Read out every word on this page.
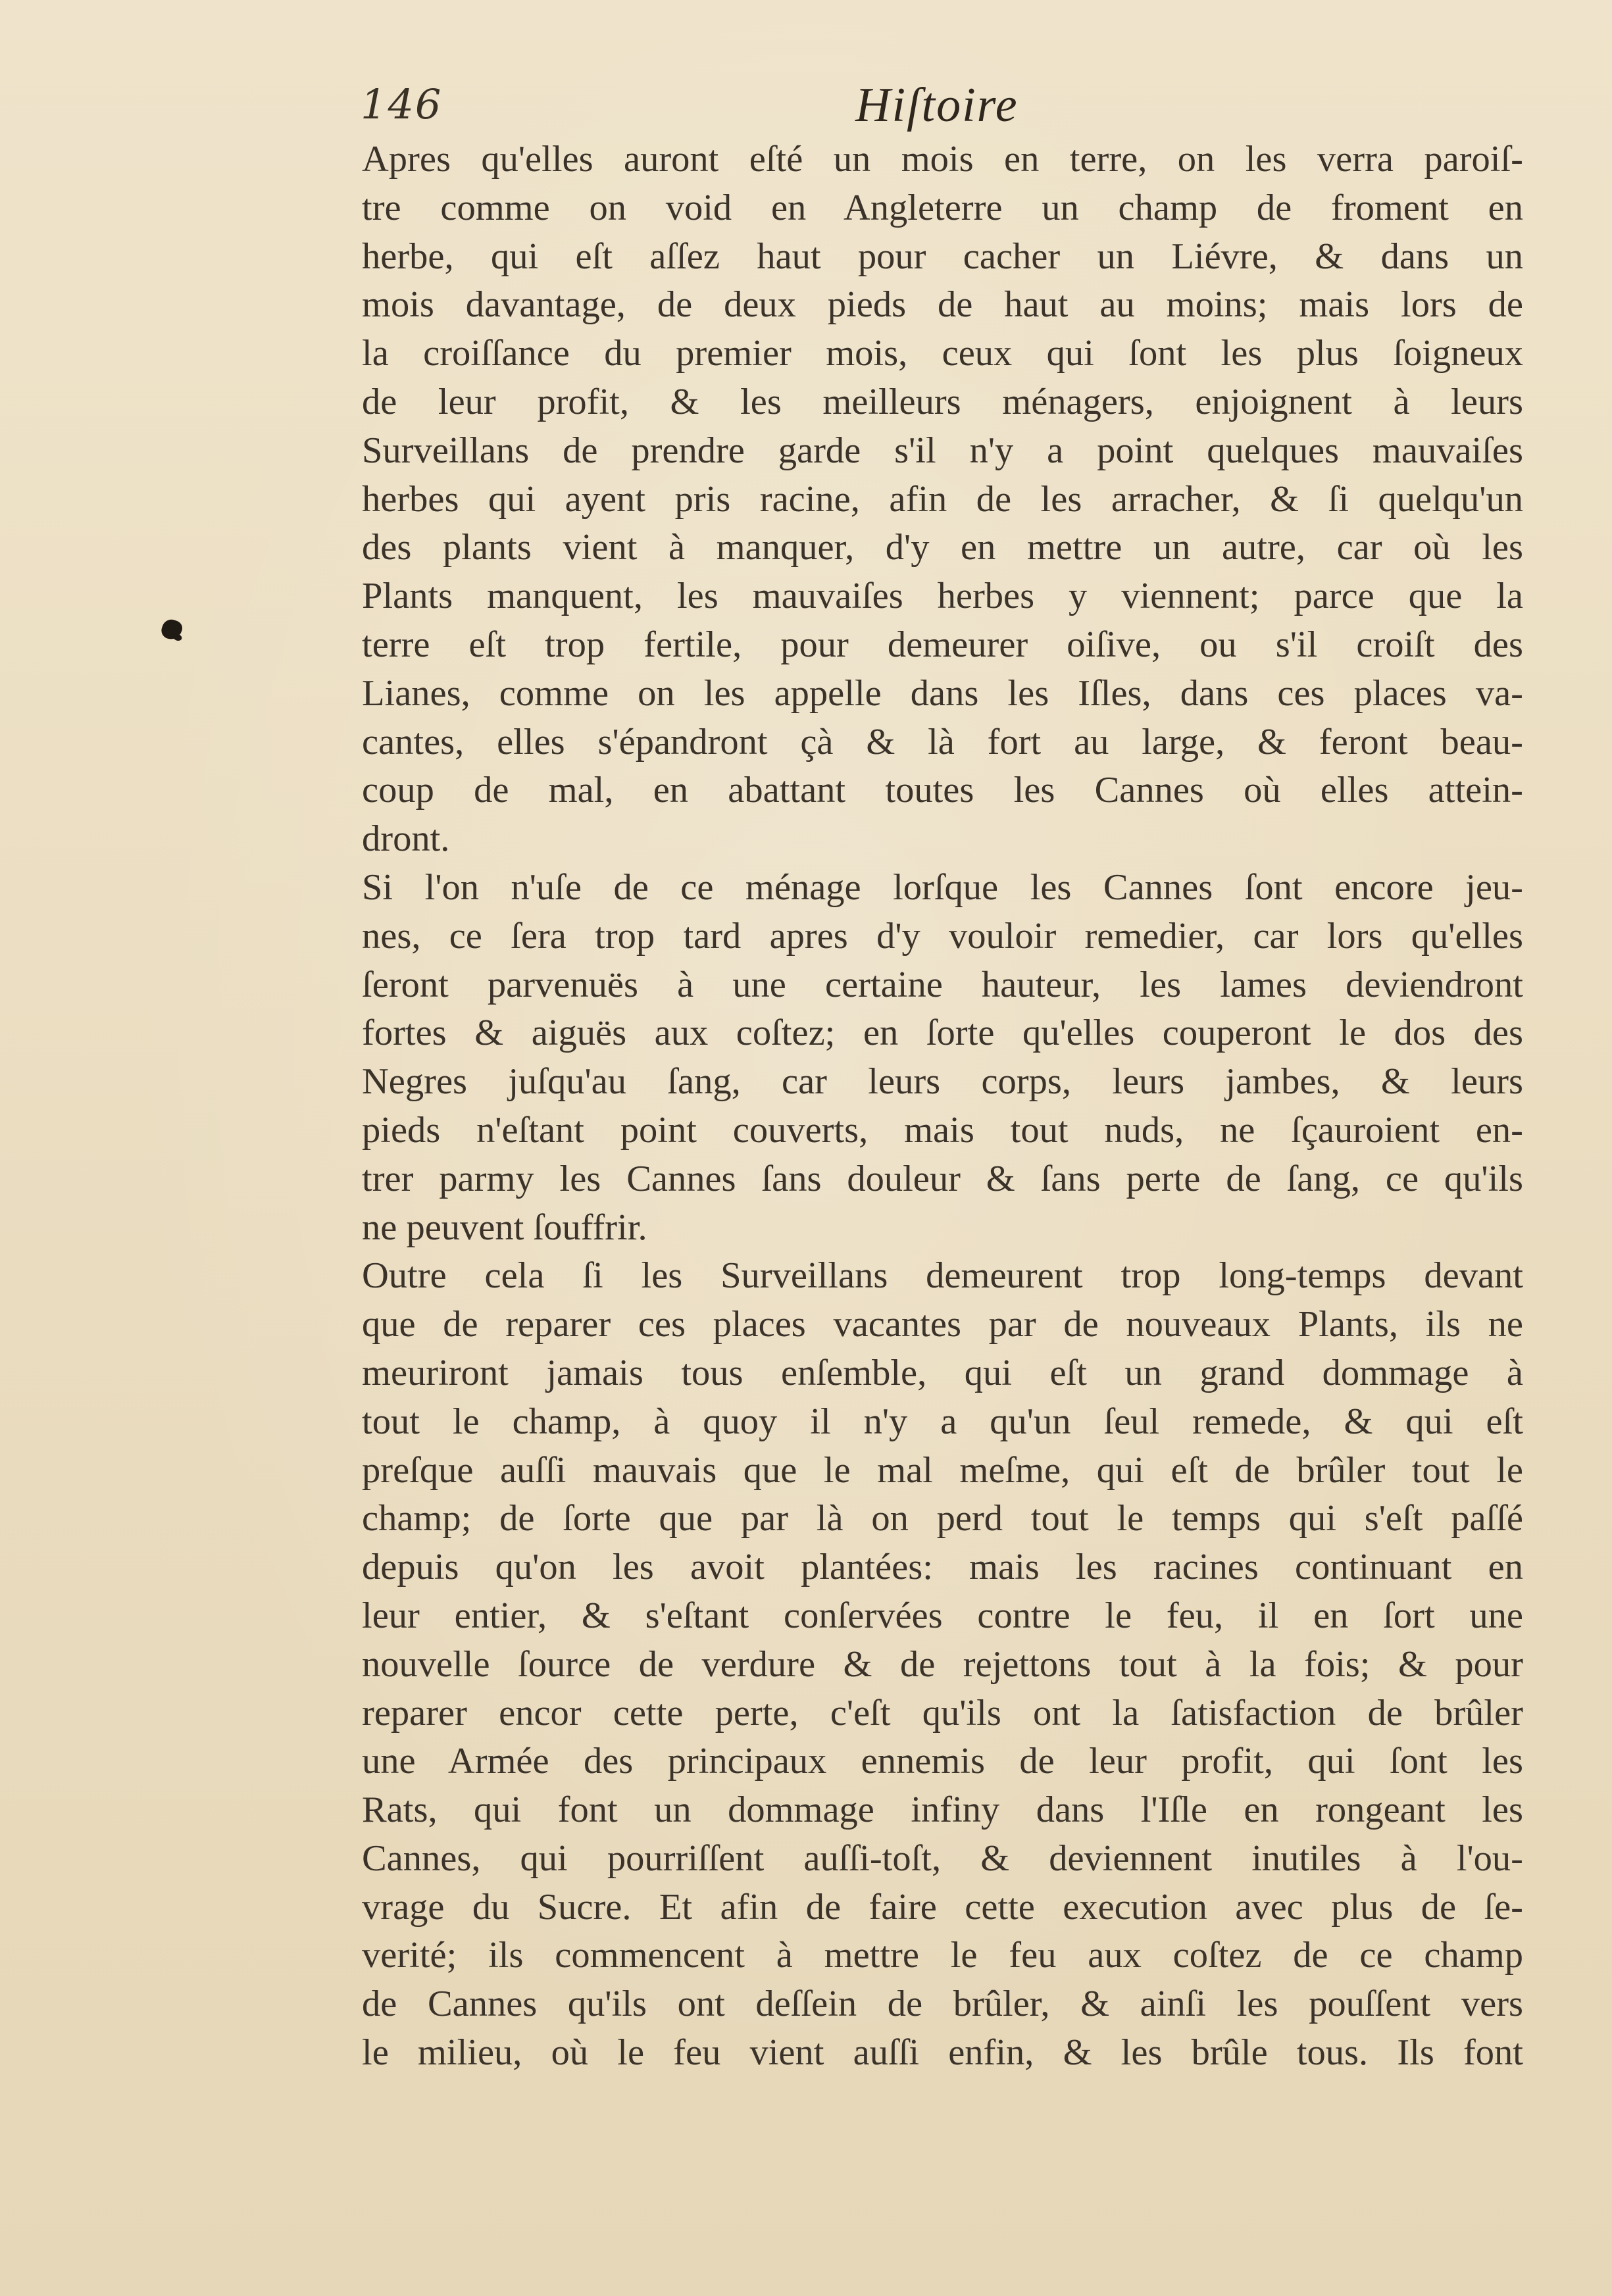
146	Hiſtoire
Apres qu'elles auront eſté un mois en terre, on les verra paroiſ-
tre comme on void en Angleterre un champ de froment en
herbe, qui eſt aſſez haut pour cacher un Liévre, & dans un
mois davantage, de deux pieds de haut au moins; mais lors de
la croiſſance du premier mois, ceux qui ſont les plus ſoigneux
de leur profit, & les meilleurs ménagers, enjoignent à leurs
Surveillans de prendre garde s'il n'y a point quelques mauvaiſes
herbes qui ayent pris racine, afin de les arracher, & ſi quelqu'un
des plants vient à manquer, d'y en mettre un autre, car où les
Plants manquent, les mauvaiſes herbes y viennent; parce que la
terre eſt trop fertile, pour demeurer oiſive, ou s'il croiſt des
Lianes, comme on les appelle dans les Iſles, dans ces places va-
cantes, elles s'épandront çà & là fort au large, & feront beau-
coup de mal, en abattant toutes les Cannes où elles attein-
dront.
Si l'on n'uſe de ce ménage lorſque les Cannes ſont encore jeu-
nes, ce ſera trop tard apres d'y vouloir remedier, car lors qu'elles
ſeront parvenuës à une certaine hauteur, les lames deviendront
fortes & aiguës aux coſtez; en ſorte qu'elles couperont le dos des
Negres juſqu'au ſang, car leurs corps, leurs jambes, & leurs
pieds n'eſtant point couverts, mais tout nuds, ne ſçauroient en-
trer parmy les Cannes ſans douleur & ſans perte de ſang, ce qu'ils
ne peuvent ſouffrir.
Outre cela ſi les Surveillans demeurent trop long-temps devant
que de reparer ces places vacantes par de nouveaux Plants, ils ne
meuriront jamais tous enſemble, qui eſt un grand dommage à
tout le champ, à quoy il n'y a qu'un ſeul remede, & qui eſt
preſque auſſi mauvais que le mal meſme, qui eſt de brûler tout le
champ; de ſorte que par là on perd tout le temps qui s'eſt paſſé
depuis qu'on les avoit plantées: mais les racines continuant en
leur entier, & s'eſtant conſervées contre le feu, il en ſort une
nouvelle ſource de verdure & de rejettons tout à la fois; & pour
reparer encor cette perte, c'eſt qu'ils ont la ſatisfaction de brûler
une Armée des principaux ennemis de leur profit, qui ſont les
Rats, qui font un dommage infiny dans l'Iſle en rongeant les
Cannes, qui pourriſſent auſſi-toſt, & deviennent inutiles à l'ou-
vrage du Sucre. Et afin de faire cette execution avec plus de ſe-
verité; ils commencent à mettre le feu aux coſtez de ce champ
de Cannes qu'ils ont deſſein de brûler, & ainſi les pouſſent vers
le milieu, où le feu vient auſſi enfin, & les brûle tous. Ils font
